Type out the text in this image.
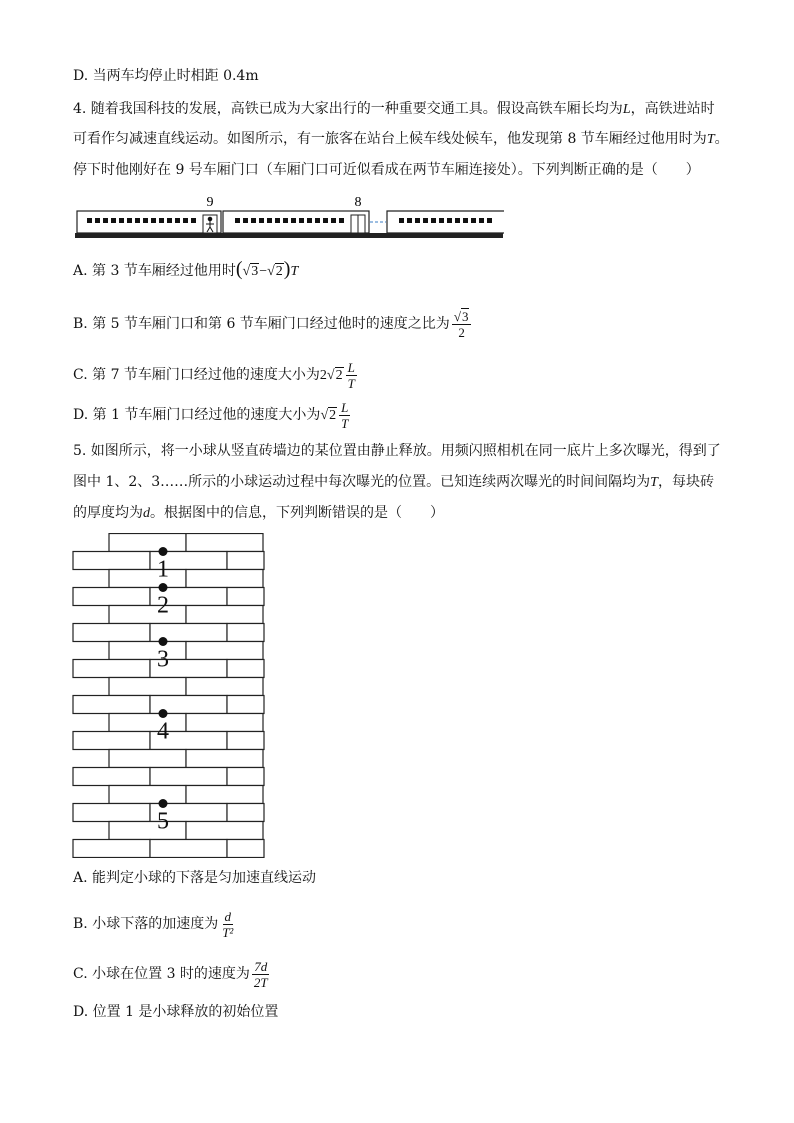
D. 当两车均停止时相距 0.4m
4. 随着我国科技的发展，高铁已成为大家出行的一种重要交通工具。假设高铁车厢长均为L，高铁进站时
可看作匀减速直线运动。如图所示，有一旅客在站台上候车线处候车，他发现第 8 节车厢经过他用时为T。
停下时他刚好在 9 号车厢门口（车厢门口可近似看成在两节车厢连接处）。下列判断正确的是（　　）
9	8
A. 第 3 节车厢经过他用时(√3−√2)T
B. 第 5 节车厢门口和第 6 节车厢门口经过他时的速度之比为 $\frac{√3}{2}$
C. 第 7 节车厢门口经过他的速度大小为$2√2 \frac{L}{T}$
D. 第 1 节车厢门口经过他的速度大小为$√2 \frac{L}{T}$
5. 如图所示，将一小球从竖直砖墙边的某位置由静止释放。用频闪照相机在同一底片上多次曝光，得到了
图中 1、2、3……所示的小球运动过程中每次曝光的位置。已知连续两次曝光的时间间隔均为T，每块砖
的厚度均为d。根据图中的信息，下列判断错误的是（　　）
1
2
3
4
5
A. 能判定小球的下落是匀加速直线运动
B. 小球下落的加速度为 $\frac{d}{\text{T²}}$
C. 小球在位置 3 时的速度为 $\frac{7d}{2T}$
D. 位置 1 是小球释放的初始位置
